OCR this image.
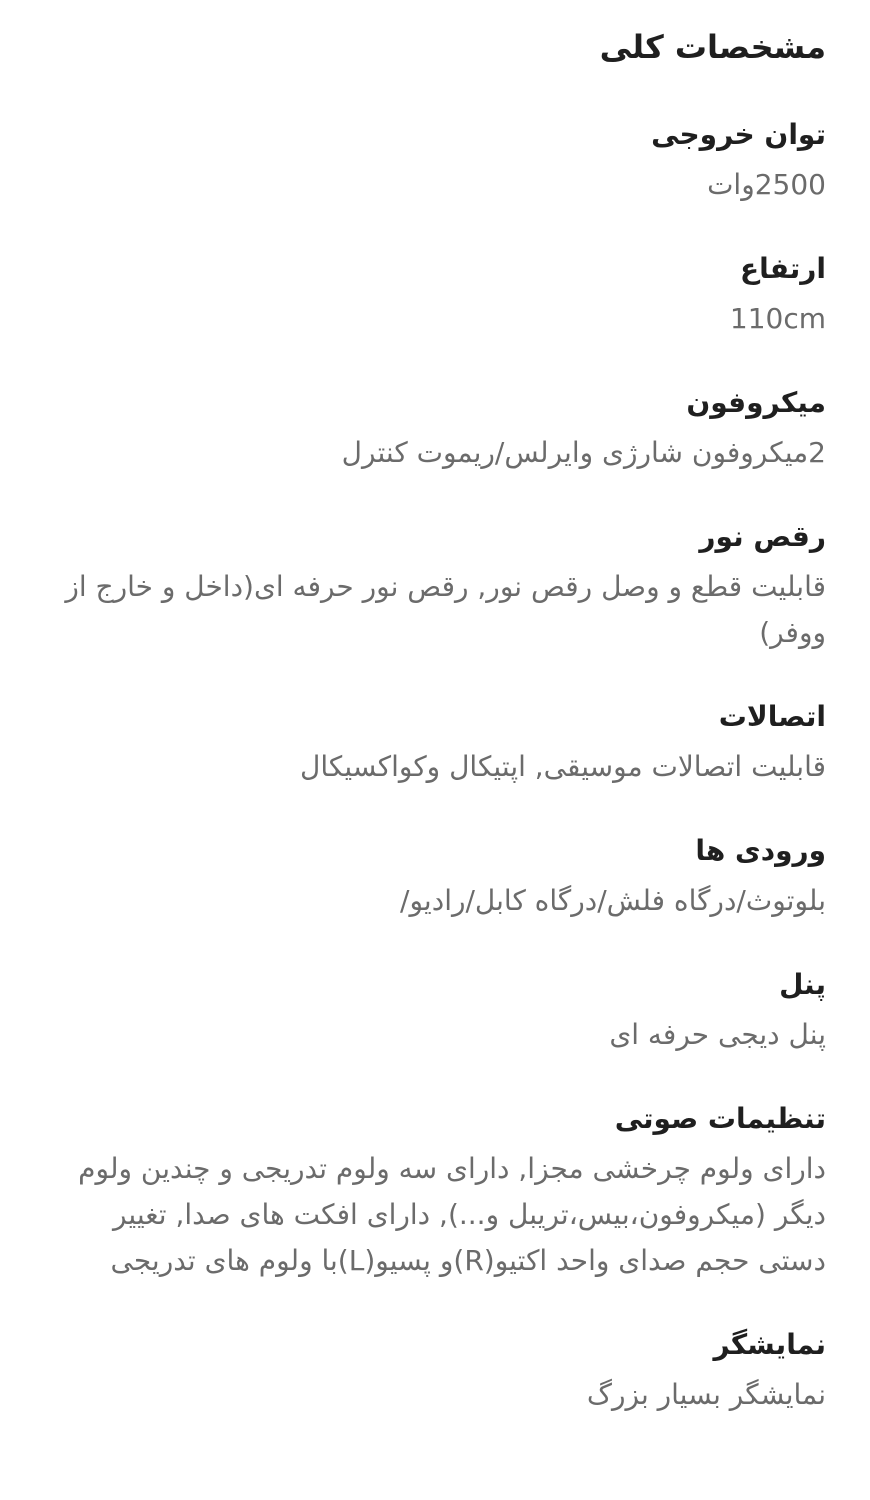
مشخصات کلی
توان خروجی
2500وات
ارتفاع
110cm
میکروفون
2میکروفون شارژی وایرلس/ریموت کنترل
رقص نور
قابلیت قطع و وصل رقص نور, رقص نور حرفه ای(داخل و خارج از ووفر)
اتصالات
قابلیت اتصالات موسیقی, اپتیکال وکواکسیکال
ورودی ها
بلوتوث/درگاه فلش/درگاه کابل/رادیو/
پنل
پنل دیجی حرفه ای
تنظیمات صوتی
دارای ولوم چرخشی مجزا, دارای سه ولوم تدریجی و چندین ولوم دیگر (میکروفون،بیس،تریبل و...), دارای افکت های صدا, تغییر دستی حجم صدای واحد اکتیو(R)و پسیو(L)با ولوم های تدریجی
نمایشگر
نمایشگر بسیار بزرگ
